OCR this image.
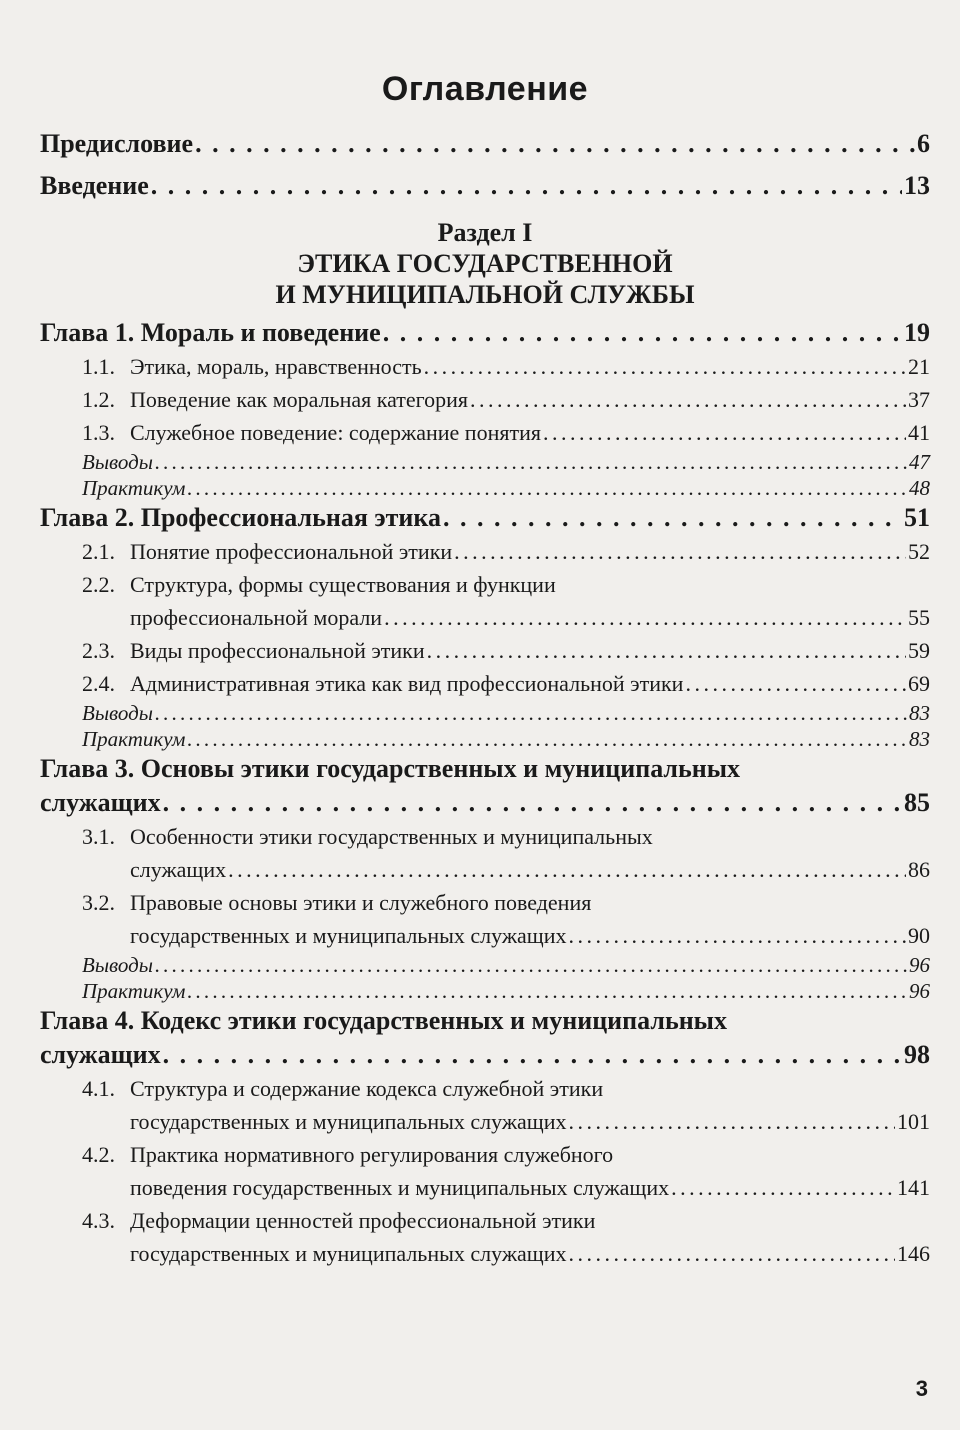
Оглавление
Предисловие . . .	6
Введение . . .	13
Раздел I
ЭТИКА ГОСУДАРСТВЕННОЙ
И МУНИЦИПАЛЬНОЙ СЛУЖБЫ
Глава 1. Мораль и поведение . . .	19
1.1. Этика, мораль, нравственность . . .	21
1.2. Поведение как моральная категория . . .	37
1.3. Служебное поведение: содержание понятия . . .	41
Выводы . . .	47
Практикум . . .	48
Глава 2. Профессиональная этика . . .	51
2.1. Понятие профессиональной этики . . .	52
2.2. Структура, формы существования и функции
профессиональной морали . . .	55
2.3. Виды профессиональной этики . . .	59
2.4. Административная этика как вид профессиональной этики . . .	69
Выводы . . .	83
Практикум . . .	83
Глава 3. Основы этики государственных и муниципальных
служащих . . .	85
3.1. Особенности этики государственных и муниципальных
служащих . . .	86
3.2. Правовые основы этики и служебного поведения
государственных и муниципальных служащих . . .	90
Выводы . . .	96
Практикум . . .	96
Глава 4. Кодекс этики государственных и муниципальных
служащих . . .	98
4.1. Структура и содержание кодекса служебной этики
государственных и муниципальных служащих . . .	101
4.2. Практика нормативного регулирования служебного
поведения государственных и муниципальных служащих . . .	141
4.3. Деформации ценностей профессиональной этики
государственных и муниципальных служащих . . .	146
3
